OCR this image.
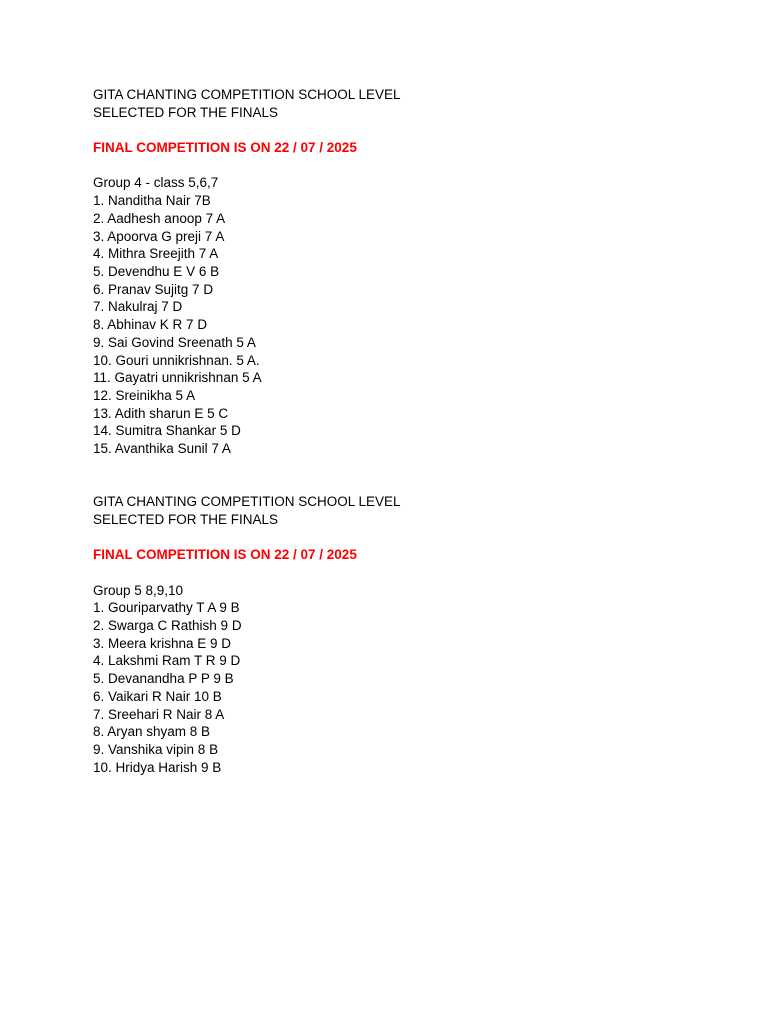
GITA CHANTING COMPETITION SCHOOL LEVEL
SELECTED FOR THE FINALS
FINAL COMPETITION IS ON 22 / 07 / 2025
Group 4 - class 5,6,7
1. Nanditha Nair 7B
2. Aadhesh anoop 7 A
3. Apoorva G preji 7 A
4. Mithra Sreejith 7 A
5. Devendhu E V 6 B
6. Pranav Sujitg 7 D
7. Nakulraj 7 D
8. Abhinav K R 7 D
9. Sai Govind Sreenath 5 A
10. Gouri unnikrishnan. 5 A.
11. Gayatri unnikrishnan 5 A
12. Sreinikha 5 A
13. Adith sharun E 5 C
14. Sumitra Shankar 5 D
15. Avanthika Sunil 7 A
GITA CHANTING COMPETITION SCHOOL LEVEL
SELECTED FOR THE FINALS
FINAL COMPETITION IS ON 22 / 07 / 2025
Group 5 8,9,10
1. Gouriparvathy T A 9 B
2. Swarga C Rathish 9 D
3. Meera krishna E 9 D
4. Lakshmi Ram T R 9 D
5. Devanandha P P 9 B
6. Vaikari R Nair 10 B
7. Sreehari R Nair 8 A
8. Aryan shyam 8 B
9. Vanshika vipin 8 B
10. Hridya Harish 9 B
